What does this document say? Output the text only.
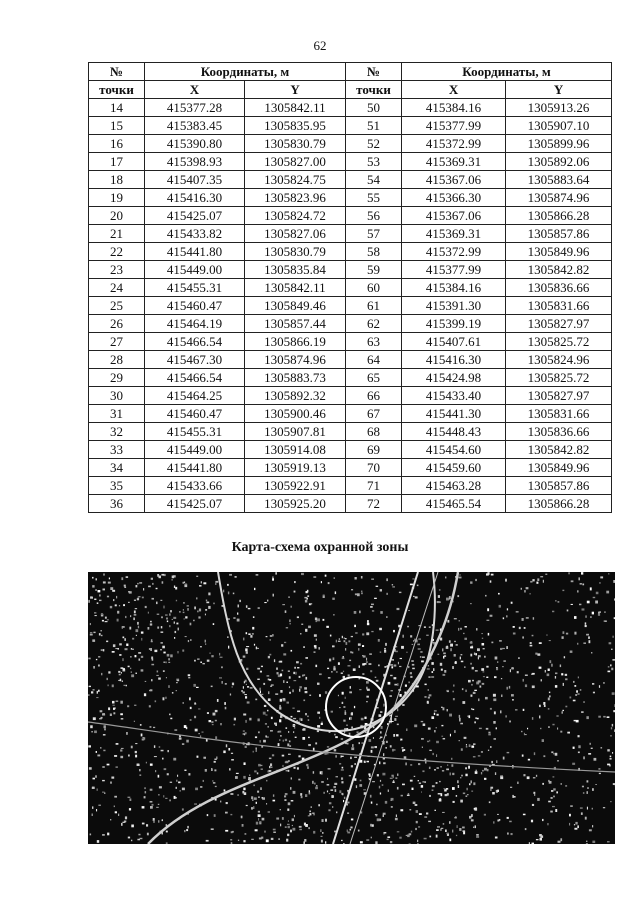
62
№	Координаты, м		№	Координаты, м	
точки	X	Y	точки	X	Y
14	415377.28	1305842.11	50	415384.16	1305913.26
15	415383.45	1305835.95	51	415377.99	1305907.10
16	415390.80	1305830.79	52	415372.99	1305899.96
17	415398.93	1305827.00	53	415369.31	1305892.06
18	415407.35	1305824.75	54	415367.06	1305883.64
19	415416.30	1305823.96	55	415366.30	1305874.96
20	415425.07	1305824.72	56	415367.06	1305866.28
21	415433.82	1305827.06	57	415369.31	1305857.86
22	415441.80	1305830.79	58	415372.99	1305849.96
23	415449.00	1305835.84	59	415377.99	1305842.82
24	415455.31	1305842.11	60	415384.16	1305836.66
25	415460.47	1305849.46	61	415391.30	1305831.66
26	415464.19	1305857.44	62	415399.19	1305827.97
27	415466.54	1305866.19	63	415407.61	1305825.72
28	415467.30	1305874.96	64	415416.30	1305824.96
29	415466.54	1305883.73	65	415424.98	1305825.72
30	415464.25	1305892.32	66	415433.40	1305827.97
31	415460.47	1305900.46	67	415441.30	1305831.66
32	415455.31	1305907.81	68	415448.43	1305836.66
33	415449.00	1305914.08	69	415454.60	1305842.82
34	415441.80	1305919.13	70	415459.60	1305849.96
35	415433.66	1305922.91	71	415463.28	1305857.86
36	415425.07	1305925.20	72	415465.54	1305866.28
Карта-схема охранной зоны
1
